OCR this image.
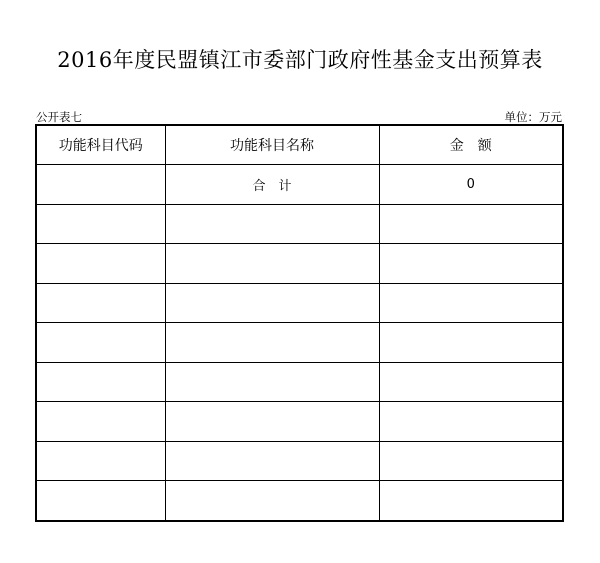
2016年度民盟镇江市委部门政府性基金支出预算表
公开表七	单位：万元
功能科目代码	功能科目名称	金　额
	合　计	0
